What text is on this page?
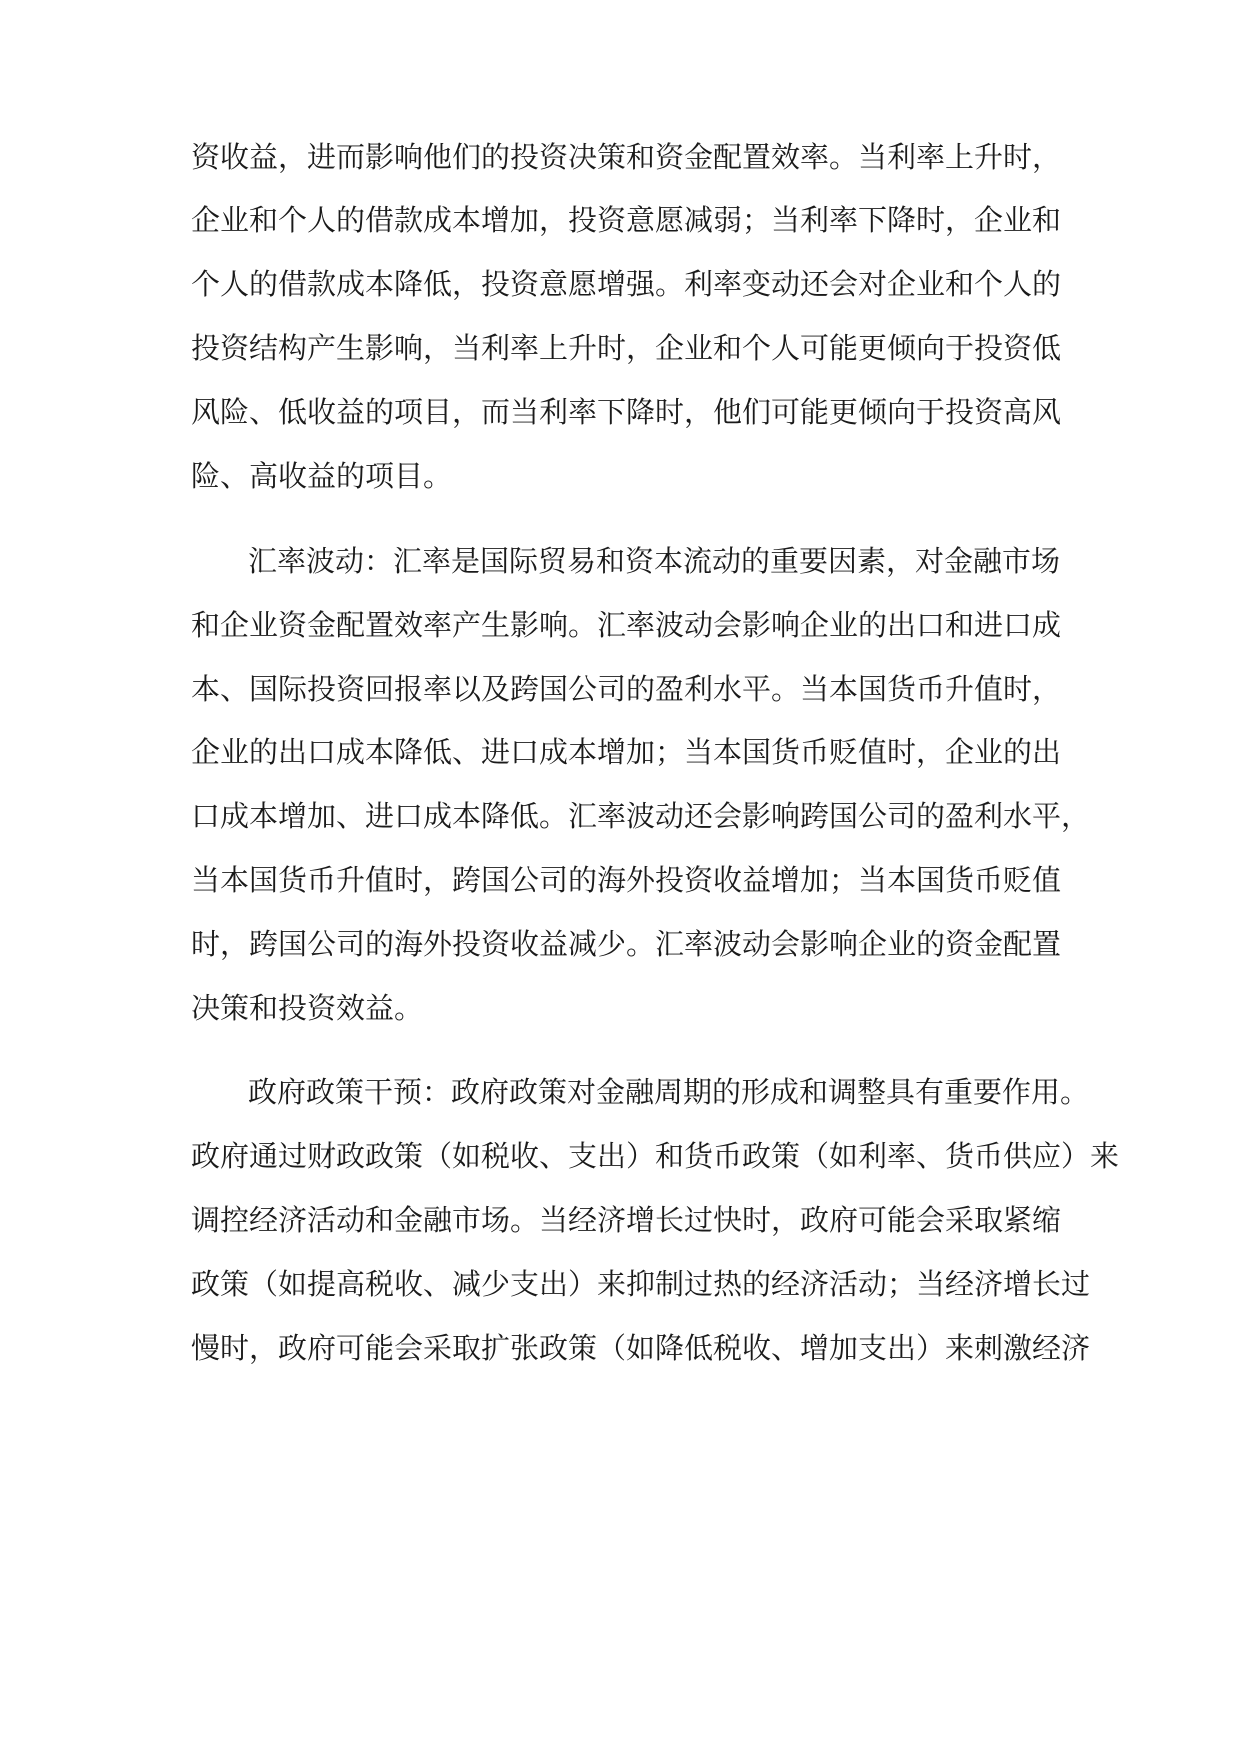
资收益，进而影响他们的投资决策和资金配置效率。当利率上升时，
企业和个人的借款成本增加，投资意愿减弱；当利率下降时，企业和
个人的借款成本降低，投资意愿增强。利率变动还会对企业和个人的
投资结构产生影响，当利率上升时，企业和个人可能更倾向于投资低
风险、低收益的项目，而当利率下降时，他们可能更倾向于投资高风
险、高收益的项目。
汇率波动：汇率是国际贸易和资本流动的重要因素，对金融市场
和企业资金配置效率产生影响。汇率波动会影响企业的出口和进口成
本、国际投资回报率以及跨国公司的盈利水平。当本国货币升值时，
企业的出口成本降低、进口成本增加；当本国货币贬值时，企业的出
口成本增加、进口成本降低。汇率波动还会影响跨国公司的盈利水平，
当本国货币升值时，跨国公司的海外投资收益增加；当本国货币贬值
时，跨国公司的海外投资收益减少。汇率波动会影响企业的资金配置
决策和投资效益。
政府政策干预：政府政策对金融周期的形成和调整具有重要作用。
政府通过财政政策（如税收、支出）和货币政策（如利率、货币供应）来
调控经济活动和金融市场。当经济增长过快时，政府可能会采取紧缩
政策（如提高税收、减少支出）来抑制过热的经济活动；当经济增长过
慢时，政府可能会采取扩张政策（如降低税收、增加支出）来刺激经济
